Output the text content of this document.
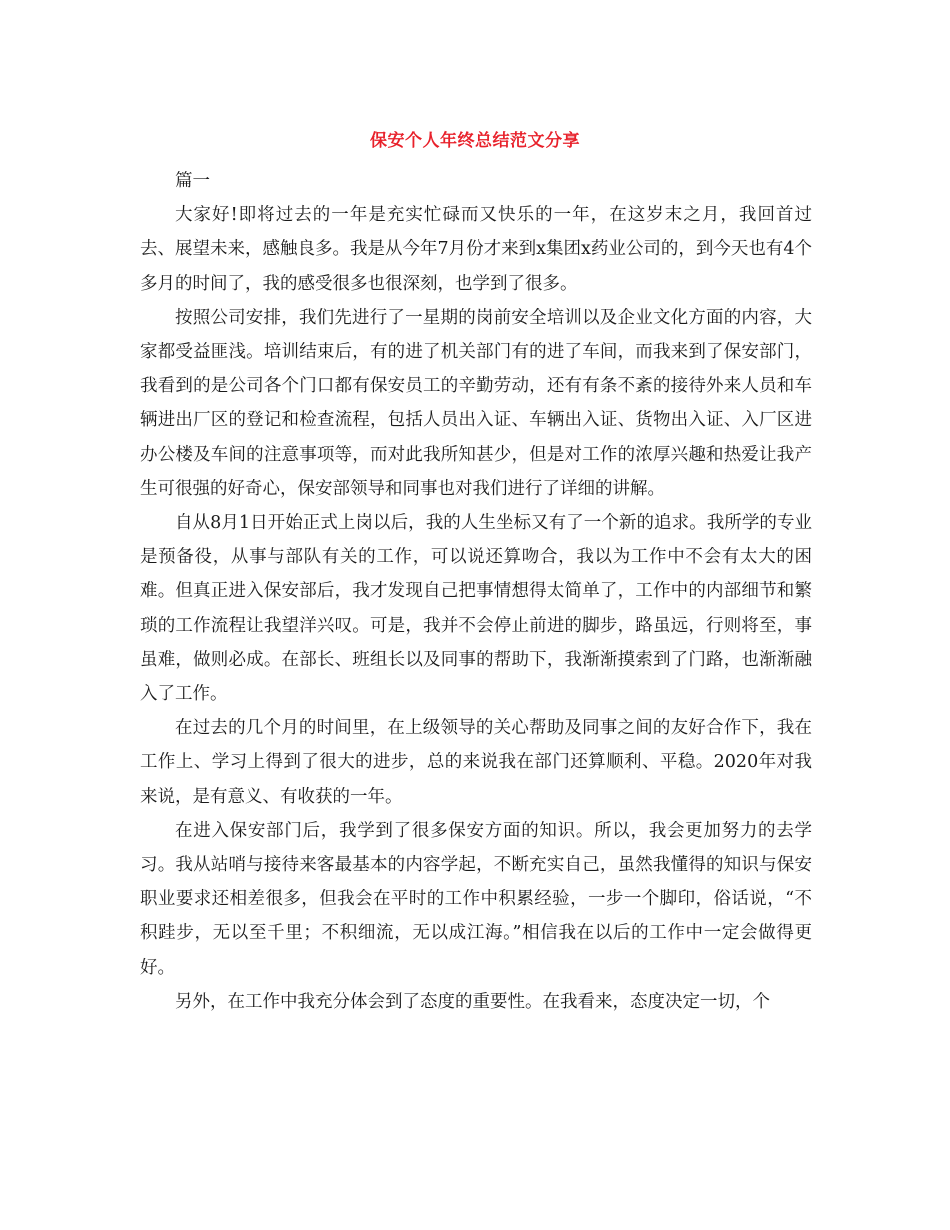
保安个人年终总结范文分享

篇一

大家好!即将过去的一年是充实忙碌而又快乐的一年，在这岁末之月，我回首过去、展望未来，感触良多。我是从今年7月份才来到x集团x药业公司的，到今天也有4个多月的时间了，我的感受很多也很深刻，也学到了很多。

按照公司安排，我们先进行了一星期的岗前安全培训以及企业文化方面的内容，大家都受益匪浅。培训结束后，有的进了机关部门有的进了车间，而我来到了保安部门，我看到的是公司各个门口都有保安员工的辛勤劳动，还有有条不紊的接待外来人员和车辆进出厂区的登记和检查流程，包括人员出入证、车辆出入证、货物出入证、入厂区进办公楼及车间的注意事项等，而对此我所知甚少，但是对工作的浓厚兴趣和热爱让我产生可很强的好奇心，保安部领导和同事也对我们进行了详细的讲解。

自从8月1日开始正式上岗以后，我的人生坐标又有了一个新的追求。我所学的专业是预备役，从事与部队有关的工作，可以说还算吻合，我以为工作中不会有太大的困难。但真正进入保安部后，我才发现自己把事情想得太简单了，工作中的内部细节和繁琐的工作流程让我望洋兴叹。可是，我并不会停止前进的脚步，路虽远，行则将至，事虽难，做则必成。在部长、班组长以及同事的帮助下，我渐渐摸索到了门路，也渐渐融入了工作。

在过去的几个月的时间里，在上级领导的关心帮助及同事之间的友好合作下，我在工作上、学习上得到了很大的进步，总的来说我在部门还算顺利、平稳。2020年对我来说，是有意义、有收获的一年。

在进入保安部门后，我学到了很多保安方面的知识。所以，我会更加努力的去学习。我从站哨与接待来客最基本的内容学起，不断充实自己，虽然我懂得的知识与保安职业要求还相差很多，但我会在平时的工作中积累经验，一步一个脚印，俗话说，“不积跬步，无以至千里；不积细流，无以成江海。”相信我在以后的工作中一定会做得更好。

另外，在工作中我充分体会到了态度的重要性。在我看来，态度决定一切，个
